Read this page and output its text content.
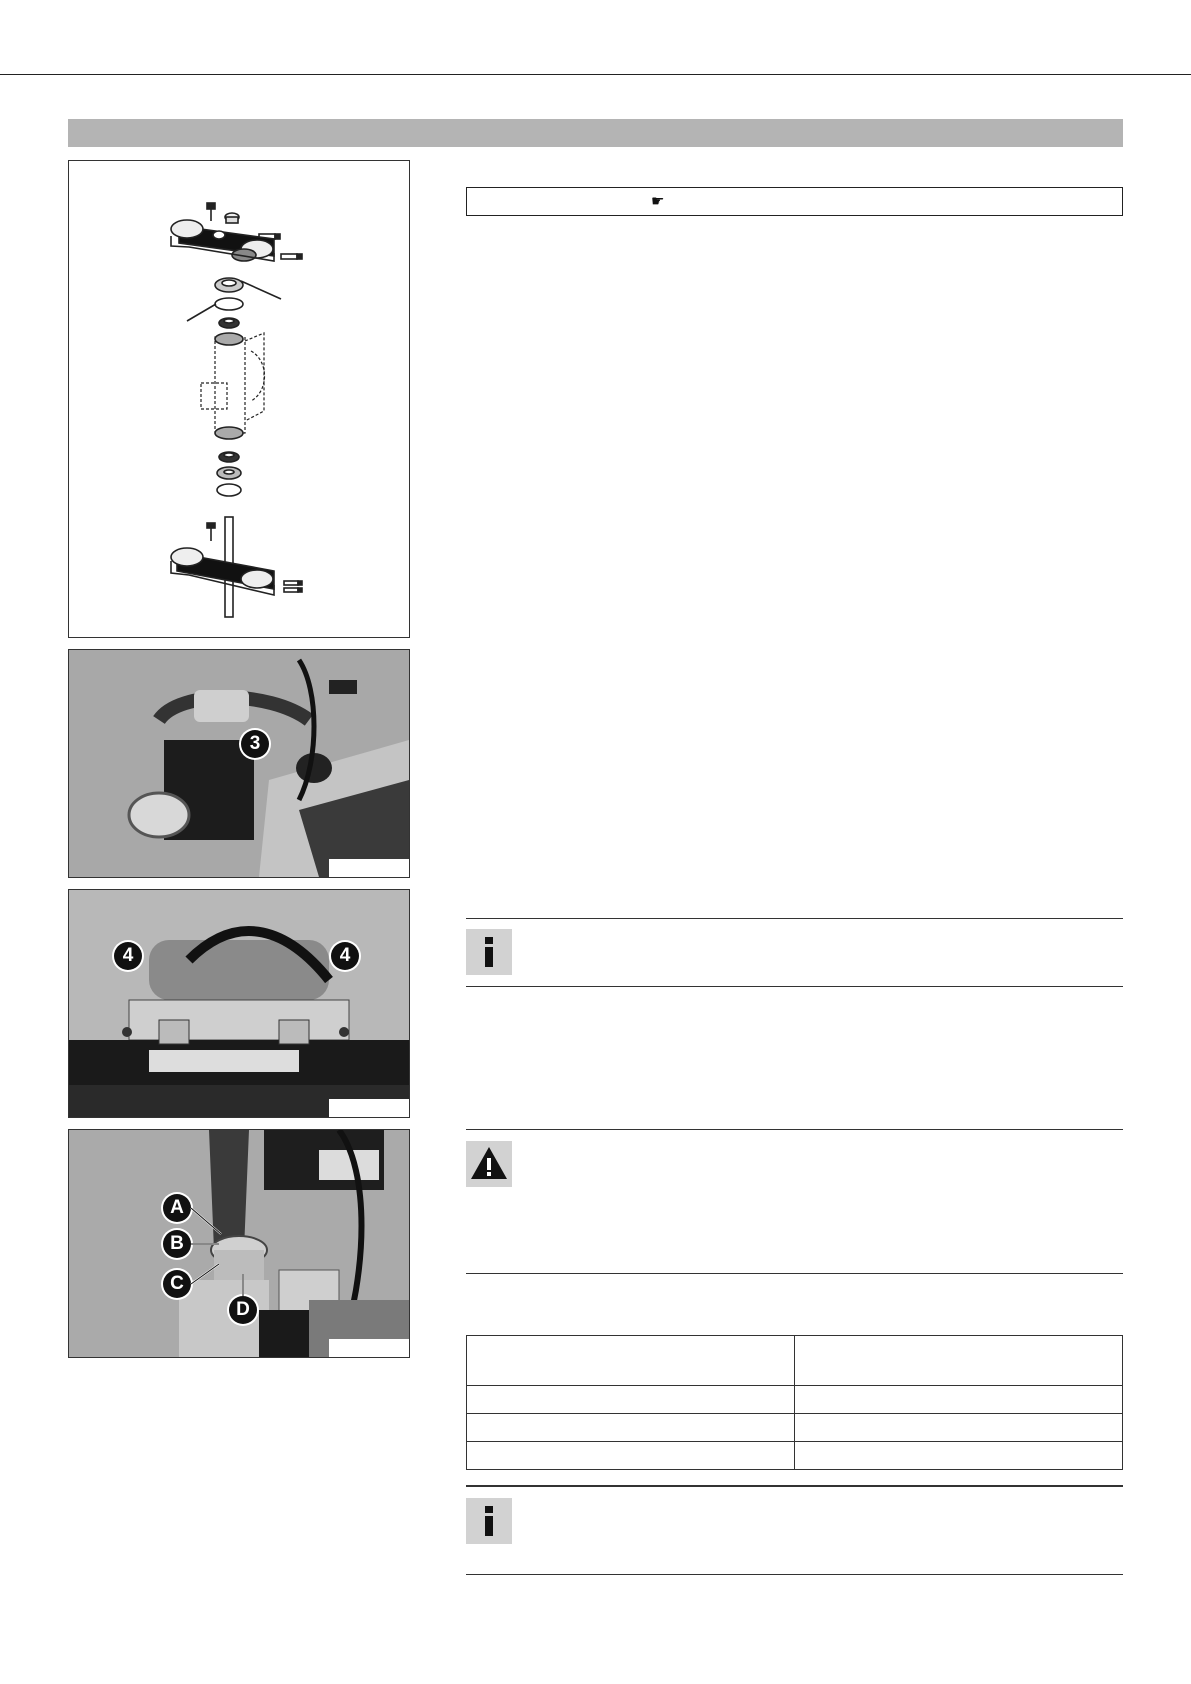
3
4	4
A
B
C
D
☛
